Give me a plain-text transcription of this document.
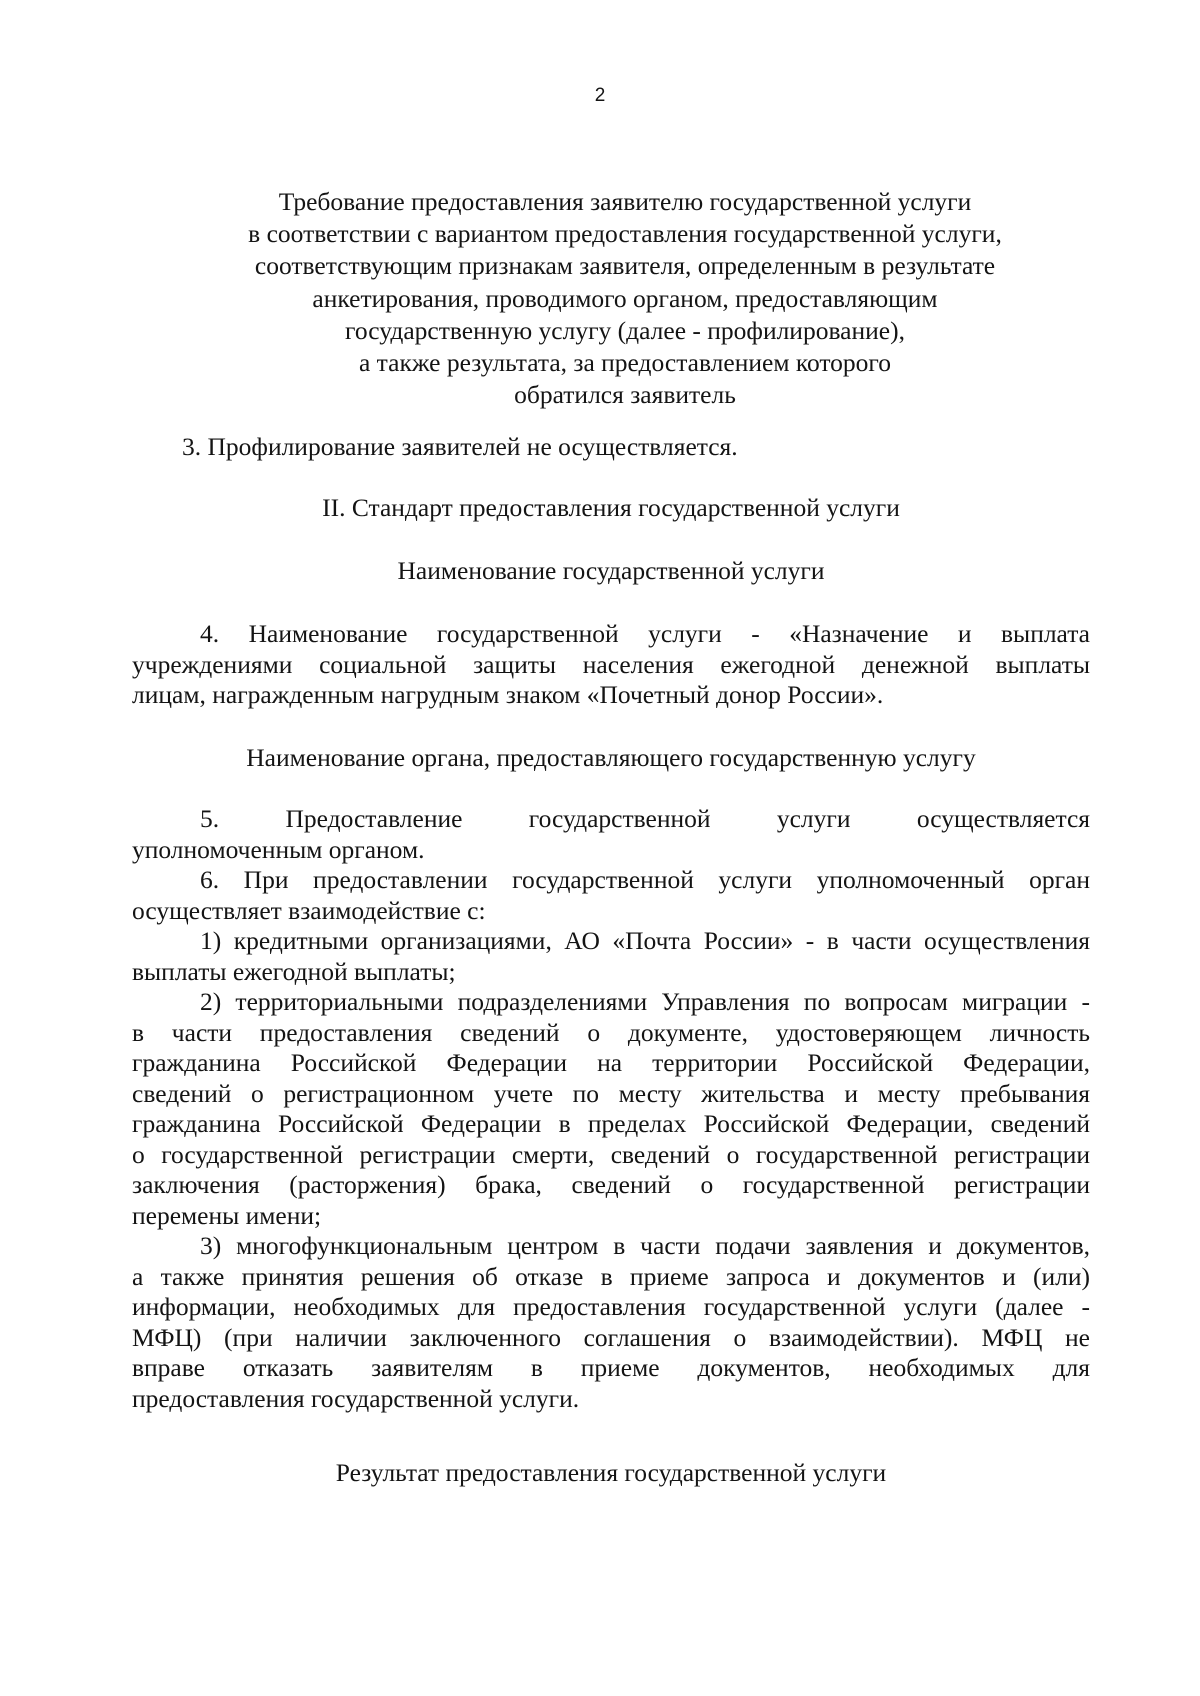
2
Требование предоставления заявителю государственной услуги
в соответствии с вариантом предоставления государственной услуги,
соответствующим признакам заявителя, определенным в результате
анкетирования, проводимого органом, предоставляющим
государственную услугу (далее - профилирование),
а также результата, за предоставлением которого
обратился заявитель
3. Профилирование заявителей не осуществляется.
II. Стандарт предоставления государственной услуги
Наименование государственной услуги
4. Наименование государственной услуги - «Назначение и выплата
учреждениями социальной защиты населения ежегодной денежной выплаты
лицам, награжденным нагрудным знаком «Почетный донор России».
Наименование органа, предоставляющего государственную услугу
5. Предоставление государственной услуги осуществляется
уполномоченным органом.
6. При предоставлении государственной услуги уполномоченный орган
осуществляет взаимодействие с:
1) кредитными организациями, АО «Почта России» - в части осуществления
выплаты ежегодной выплаты;
2) территориальными подразделениями Управления по вопросам миграции -
в части предоставления сведений о документе, удостоверяющем личность
гражданина Российской Федерации на территории Российской Федерации,
сведений о регистрационном учете по месту жительства и месту пребывания
гражданина Российской Федерации в пределах Российской Федерации, сведений
о государственной регистрации смерти, сведений о государственной регистрации
заключения (расторжения) брака, сведений о государственной регистрации
перемены имени;
3) многофункциональным центром в части подачи заявления и документов,
а также принятия решения об отказе в приеме запроса и документов и (или)
информации, необходимых для предоставления государственной услуги (далее -
МФЦ) (при наличии заключенного соглашения о взаимодействии). МФЦ не
вправе отказать заявителям в приеме документов, необходимых для
предоставления государственной услуги.
Результат предоставления государственной услуги
